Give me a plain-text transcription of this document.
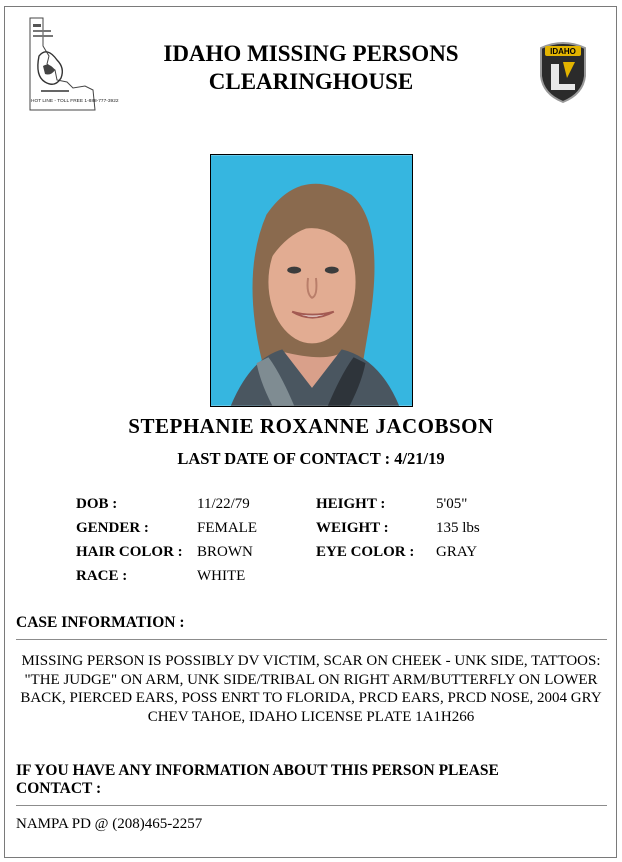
HOT LINE - TOLL FREE 1-888-777-3922
IDAHO MISSING PERSONS
CLEARINGHOUSE
IDAHO
STEPHANIE ROXANNE JACOBSON
LAST DATE OF CONTACT : 4/21/19
DOB :	11/22/79	HEIGHT :	5'05"
GENDER :	FEMALE	WEIGHT :	135 lbs
HAIR COLOR : BROWN	EYE COLOR : GRAY
RACE :	WHITE
CASE INFORMATION :
MISSING PERSON IS POSSIBLY DV VICTIM, SCAR ON CHEEK - UNK SIDE, TATTOOS: "THE JUDGE" ON ARM, UNK SIDE/TRIBAL ON RIGHT ARM/BUTTERFLY ON LOWER BACK, PIERCED EARS, POSS ENRT TO FLORIDA, PRCD EARS, PRCD NOSE, 2004 GRY CHEV TAHOE, IDAHO LICENSE PLATE 1A1H266
IF YOU HAVE ANY INFORMATION ABOUT THIS PERSON PLEASE CONTACT :
NAMPA PD @ (208)465-2257
